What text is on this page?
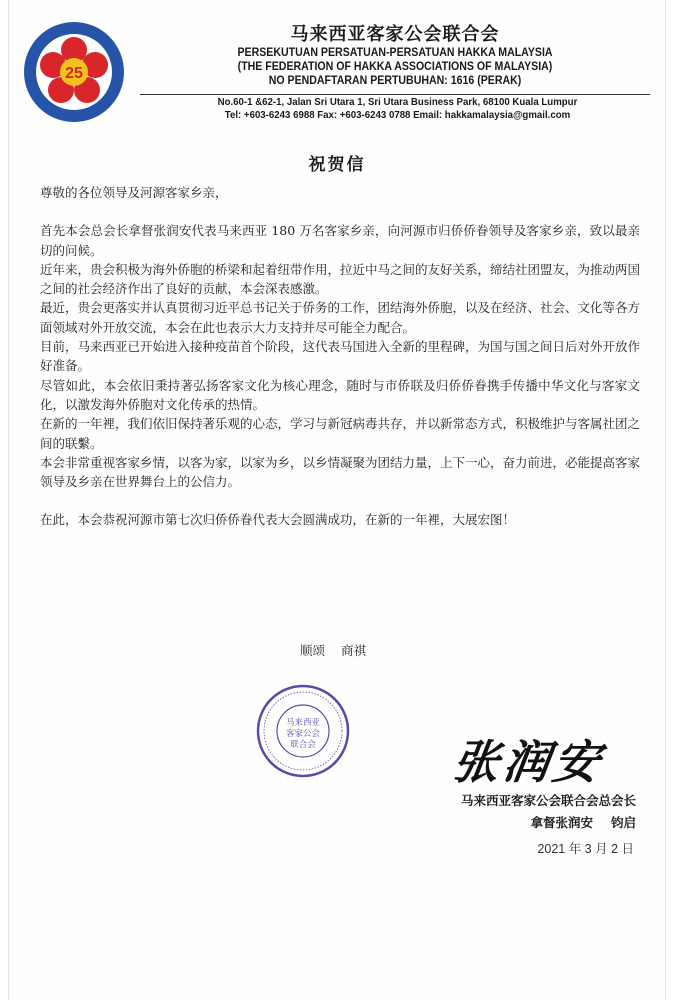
25
马来西亚客家公会联合会
PERSEKUTUAN PERSATUAN-PERSATUAN HAKKA MALAYSIA
(THE FEDERATION OF HAKKA ASSOCIATIONS OF MALAYSIA)
NO PENDAFTARAN PERTUBUHAN: 1616 (PERAK)
No.60-1 &62-1, Jalan Sri Utara 1, Sri Utara Business Park, 68100 Kuala Lumpur
Tel: +603-6243 6988 Fax: +603-6243 0788 Email: hakkamalaysia@gmail.com
祝贺信

尊敬的各位领导及河源客家乡亲，

首先本会总会长拿督张润安代表马来西亚 180 万名客家乡亲，向河源市归侨侨眷领导及客家乡亲，致以最亲切的问候。

近年来，贵会积极为海外侨胞的桥梁和起着纽带作用，拉近中马之间的友好关系，缔结社团盟友，为推动两国之间的社会经济作出了良好的贡献，本会深表感激。

最近，贵会更落实并认真贯彻习近平总书记关于侨务的工作，团结海外侨胞，以及在经济、社会、文化等各方面领域对外开放交流，本会在此也表示大力支持并尽可能全力配合。

目前，马来西亚已开始进入接种疫苗首个阶段，这代表马国进入全新的里程碑，为国与国之间日后对外开放作好准备。

尽管如此，本会依旧秉持著弘扬客家文化为核心理念，随时与市侨联及归侨侨眷携手传播中华文化与客家文化，以激发海外侨胞对文化传承的热情。

在新的一年裡，我们依旧保持著乐观的心态，学习与新冠病毒共存，并以新常态方式，积极维护与客属社团之间的联繫。

本会非常重视客家乡情，以客为家，以家为乡，以乡情凝聚为团结力量，上下一心，奋力前进，必能提高客家领导及乡亲在世界舞台上的公信力。

在此，本会恭祝河源市第七次归侨侨眷代表大会圆满成功，在新的一年裡，大展宏图！

顺颂 商祺
马来西亚
客家公会
联合会	张润安
马来西亚客家公会联合会总会长
拿督张润安 钧启
2021 年 3 月 2 日
